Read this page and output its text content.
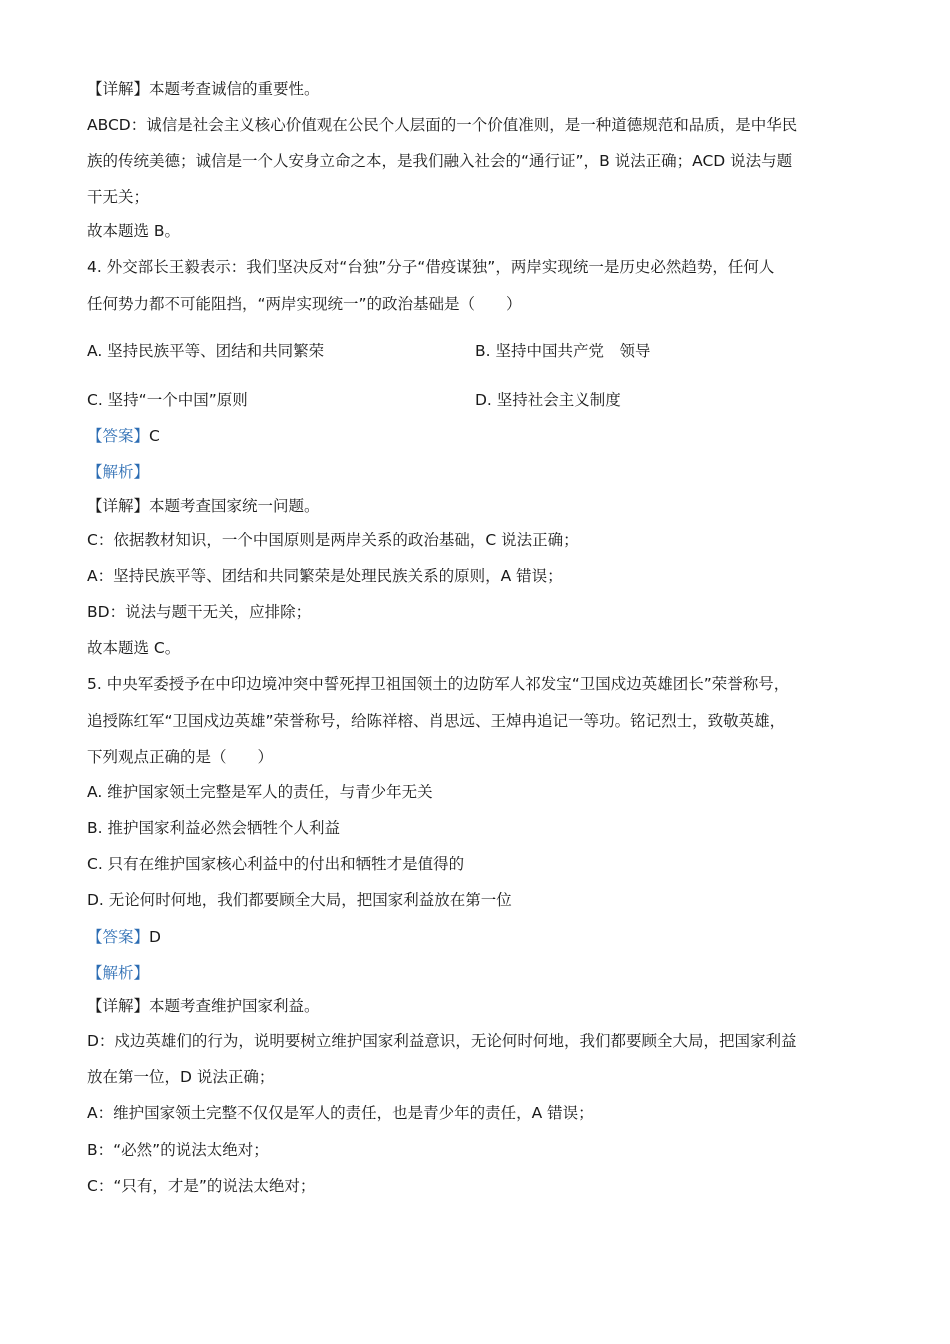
【详解】本题考查诚信的重要性。

ABCD：诚信是社会主义核心价值观在公民个人层面的一个价值准则，是一种道德规范和品质，是中华民

族的传统美德；诚信是一个人安身立命之本，是我们融入社会的“通行证”，B 说法正确；ACD 说法与题

干无关；

故本题选 B。

4. 外交部长王毅表示：我们坚决反对“台独”分子“借疫谋独”，两岸实现统一是历史必然趋势，任何人

任何势力都不可能阻挡，“两岸实现统一”的政治基础是（　　）

A. 坚持民族平等、团结和共同繁荣	B. 坚持中国共产党　领导

C. 坚持“一个中国”原则	D. 坚持社会主义制度

【答案】C

【解析】

【详解】本题考查国家统一问题。

C：依据教材知识，一个中国原则是两岸关系的政治基础，C 说法正确；

A：坚持民族平等、团结和共同繁荣是处理民族关系的原则，A 错误；

BD：说法与题干无关，应排除；

故本题选 C。

5. 中央军委授予在中印边境冲突中誓死捍卫祖国领土的边防军人祁发宝“卫国戍边英雄团长”荣誉称号，

追授陈红军“卫国戍边英雄”荣誉称号，给陈祥榕、肖思远、王焯冉追记一等功。铭记烈士，致敬英雄，

下列观点正确的是（　　）

A. 维护国家领土完整是军人的责任，与青少年无关

B. 推护国家利益必然会牺牲个人利益

C. 只有在维护国家核心利益中的付出和牺牲才是值得的

D. 无论何时何地，我们都要顾全大局，把国家利益放在第一位

【答案】D

【解析】

【详解】本题考查维护国家利益。

D：戍边英雄们的行为，说明要树立维护国家利益意识，无论何时何地，我们都要顾全大局，把国家利益

放在第一位，D 说法正确；

A：维护国家领土完整不仅仅是军人的责任，也是青少年的责任，A 错误；

B：“必然”的说法太绝对；

C：“只有，才是”的说法太绝对；
